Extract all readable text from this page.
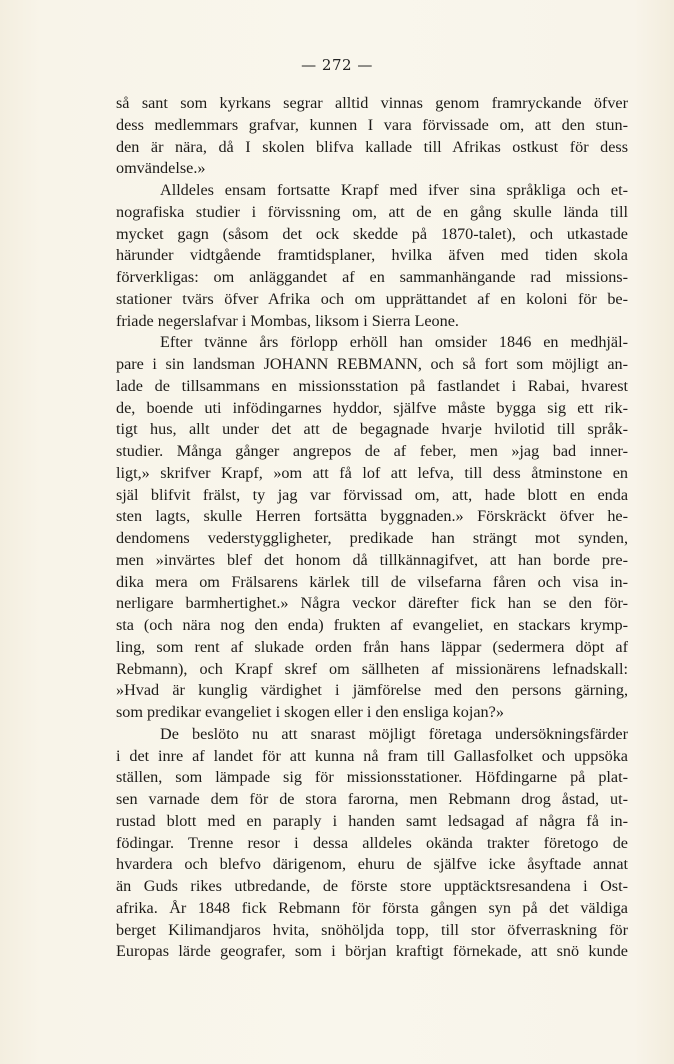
— 272 —
så sant som kyrkans segrar alltid vinnas genom framryckande öfver
dess medlemmars grafvar, kunnen I vara förvissade om, att den stun-
den är nära, då I skolen blifva kallade till Afrikas ostkust för dess
omvändelse.»
Alldeles ensam fortsatte Krapf med ifver sina språkliga och et-
nografiska studier i förvissning om, att de en gång skulle lända till
mycket gagn (såsom det ock skedde på 1870-talet), och utkastade
härunder vidtgående framtidsplaner, hvilka äfven med tiden skola
förverkligas: om anläggandet af en sammanhängande rad missions-
stationer tvärs öfver Afrika och om upprättandet af en koloni för be-
friade negerslafvar i Mombas, liksom i Sierra Leone.
Efter tvänne års förlopp erhöll han omsider 1846 en medhjäl-
pare i sin landsman JOHANN REBMANN, och så fort som möjligt an-
lade de tillsammans en missionsstation på fastlandet i Rabai, hvarest
de, boende uti infödingarnes hyddor, själfve måste bygga sig ett rik-
tigt hus, allt under det att de begagnade hvarje hvilotid till språk-
studier. Många gånger angrepos de af feber, men »jag bad inner-
ligt,» skrifver Krapf, »om att få lof att lefva, till dess åtminstone en
själ blifvit frälst, ty jag var förvissad om, att, hade blott en enda
sten lagts, skulle Herren fortsätta byggnaden.» Förskräckt öfver he-
dendomens vederstyggligheter, predikade han strängt mot synden,
men »invärtes blef det honom då tillkännagifvet, att han borde pre-
dika mera om Frälsarens kärlek till de vilsefarna fåren och visa in-
nerligare barmhertighet.» Några veckor därefter fick han se den för-
sta (och nära nog den enda) frukten af evangeliet, en stackars krymp-
ling, som rent af slukade orden från hans läppar (sedermera döpt af
Rebmann), och Krapf skref om sällheten af missionärens lefnadskall:
»Hvad är kunglig värdighet i jämförelse med den persons gärning,
som predikar evangeliet i skogen eller i den ensliga kojan?»
De beslöto nu att snarast möjligt företaga undersökningsfärder
i det inre af landet för att kunna nå fram till Gallasfolket och uppsöka
ställen, som lämpade sig för missionsstationer. Höfdingarne på plat-
sen varnade dem för de stora farorna, men Rebmann drog åstad, ut-
rustad blott med en paraply i handen samt ledsagad af några få in-
födingar. Trenne resor i dessa alldeles okända trakter företogo de
hvardera och blefvo därigenom, ehuru de själfve icke åsyftade annat
än Guds rikes utbredande, de förste store upptäcktsresandena i Ost-
afrika. År 1848 fick Rebmann för första gången syn på det väldiga
berget Kilimandjaros hvita, snöhöljda topp, till stor öfverraskning för
Europas lärde geografer, som i början kraftigt förnekade, att snö kunde
